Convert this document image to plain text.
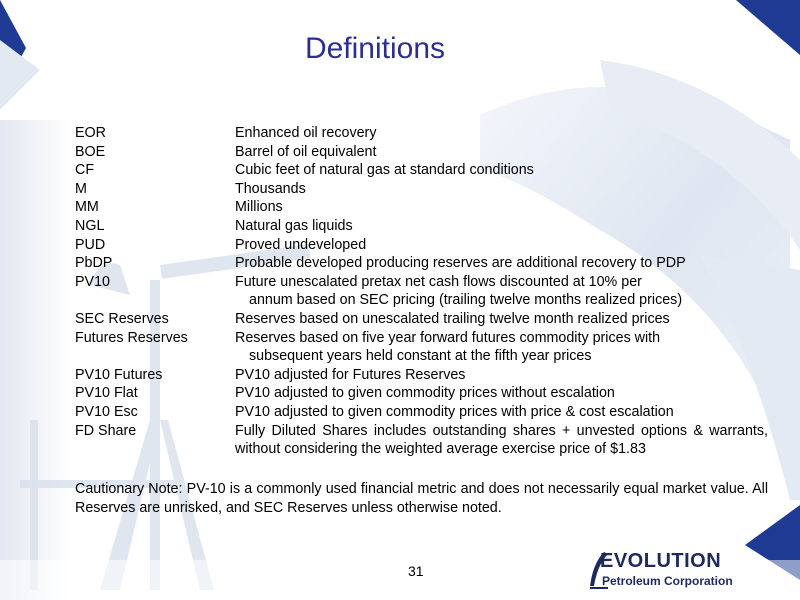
Definitions
EOR	Enhanced oil recovery
BOE	Barrel of oil equivalent
CF	Cubic feet of natural gas at standard conditions
M	Thousands
MM	Millions
NGL	Natural gas liquids
PUD	Proved undeveloped
PbDP	Probable developed producing reserves are additional recovery to PDP
PV10	Future unescalated pretax net cash flows discounted at 10% per
annum based on SEC pricing (trailing twelve months realized prices)
SEC Reserves	Reserves based on unescalated trailing twelve month realized prices
Futures Reserves	Reserves based on five year forward futures commodity prices with
subsequent years held constant at the fifth year prices
PV10 Futures	PV10 adjusted for Futures Reserves
PV10 Flat	PV10 adjusted to given commodity prices without escalation
PV10 Esc	PV10 adjusted to given commodity prices with price & cost escalation
FD Share	Fully Diluted Shares includes outstanding shares + unvested options & warrants, without considering the weighted average exercise price of $1.83
Cautionary Note: PV-10 is a commonly used financial metric and does not necessarily equal market value. All Reserves are unrisked, and SEC Reserves unless otherwise noted.
31	EVOLUTION
Petroleum Corporation
